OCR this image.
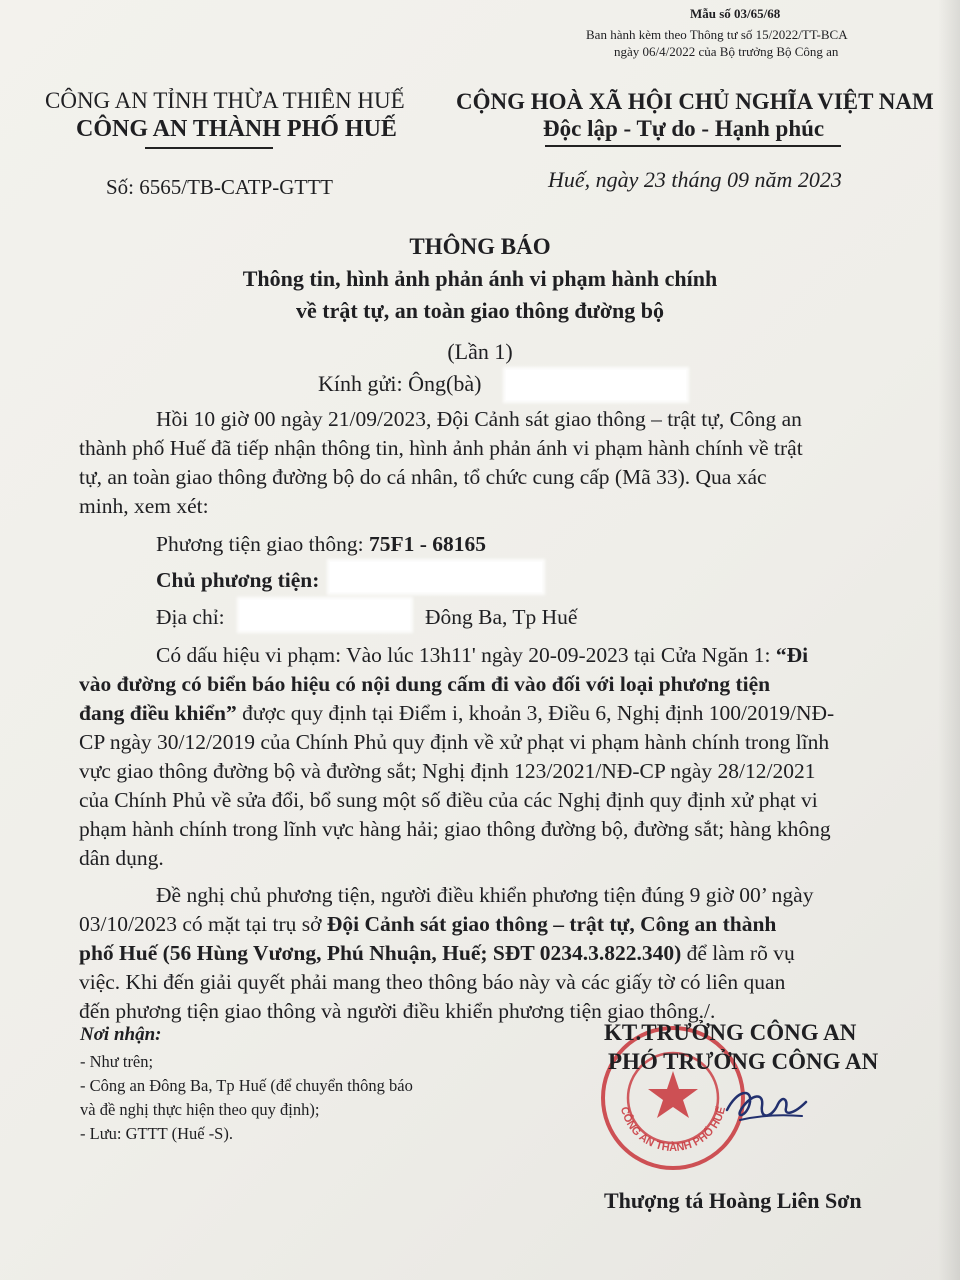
Mẫu số 03/65/68
Ban hành kèm theo Thông tư số 15/2022/TT-BCA
ngày 06/4/2022 của Bộ trưởng Bộ Công an
CÔNG AN TỈNH THỪA THIÊN HUẾ
CÔNG AN THÀNH PHỐ HUẾ
CỘNG HOÀ XÃ HỘI CHỦ NGHĨA VIỆT NAM
Độc lập - Tự do - Hạnh phúc
Số: 6565/TB-CATP-GTTT	Huế, ngày 23 tháng 09 năm 2023
THÔNG BÁO
Thông tin, hình ảnh phản ánh vi phạm hành chính
về trật tự, an toàn giao thông đường bộ
(Lần 1)
Kính gửi: Ông(bà)
Hồi 10 giờ 00 ngày 21/09/2023, Đội Cảnh sát giao thông – trật tự, Công an
thành phố Huế đã tiếp nhận thông tin, hình ảnh phản ánh vi phạm hành chính về trật
tự, an toàn giao thông đường bộ do cá nhân, tổ chức cung cấp (Mã 33). Qua xác
minh, xem xét:
Phương tiện giao thông: 75F1 - 68165
Chủ phương tiện:
Địa chỉ:	Đông Ba, Tp Huế
Có dấu hiệu vi phạm: Vào lúc 13h11' ngày 20-09-2023 tại Cửa Ngăn 1: “Đi
vào đường có biển báo hiệu có nội dung cấm đi vào đối với loại phương tiện
đang điều khiển” được quy định tại Điểm i, khoản 3, Điều 6, Nghị định 100/2019/NĐ-
CP ngày 30/12/2019 của Chính Phủ quy định về xử phạt vi phạm hành chính trong lĩnh
vực giao thông đường bộ và đường sắt; Nghị định 123/2021/NĐ-CP ngày 28/12/2021
của Chính Phủ về sửa đổi, bổ sung một số điều của các Nghị định quy định xử phạt vi
phạm hành chính trong lĩnh vực hàng hải; giao thông đường bộ, đường sắt; hàng không
dân dụng.
Đề nghị chủ phương tiện, người điều khiển phương tiện đúng 9 giờ 00’ ngày
03/10/2023 có mặt tại trụ sở Đội Cảnh sát giao thông – trật tự, Công an thành
phố Huế (56 Hùng Vương, Phú Nhuận, Huế; SĐT 0234.3.822.340) để làm rõ vụ
việc. Khi đến giải quyết phải mang theo thông báo này và các giấy tờ có liên quan
đến phương tiện giao thông và người điều khiển phương tiện giao thông./.
Nơi nhận:
- Như trên;
- Công an Đông Ba, Tp Huế (để chuyển thông báo
và đề nghị thực hiện theo quy định);
- Lưu: GTTT (Huế -S).
CÔNG AN THÀNH PHỐ HUẾ
KT.TRƯỞNG CÔNG AN
PHÓ TRƯỞNG CÔNG AN
Thượng tá Hoàng Liên Sơn
